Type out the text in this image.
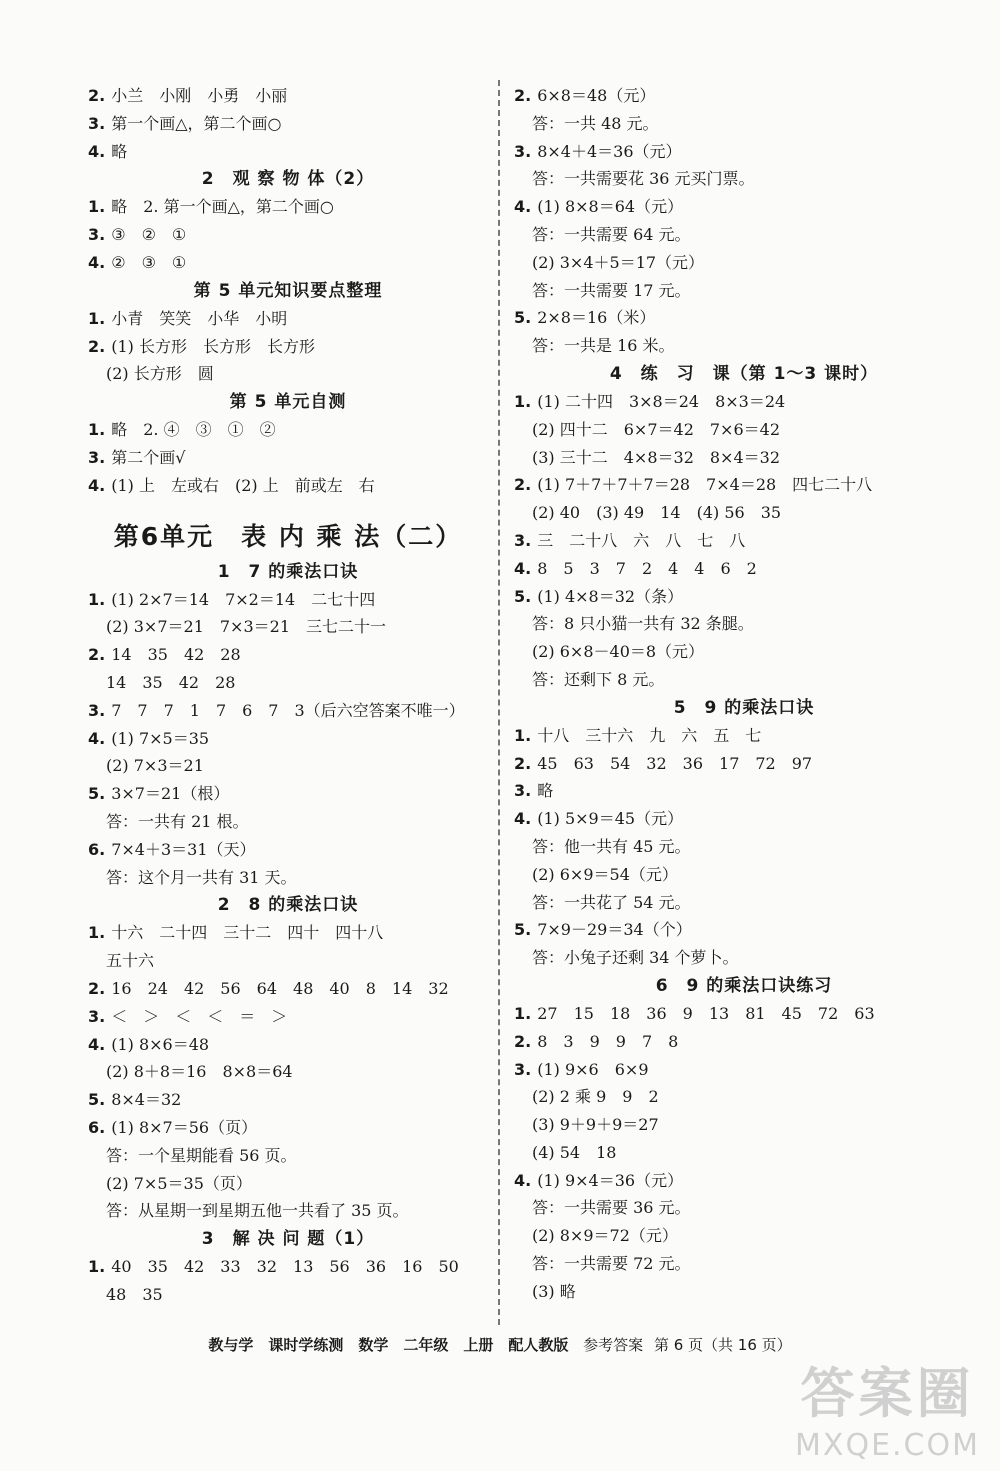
2. 小兰　小刚　小勇　小丽
3. 第一个画△，第二个画○
4. 略
2　观 察 物 体（2）
1. 略　2. 第一个画△，第二个画○
3. ③　②　①
4. ②　③　①
第 5 单元知识要点整理
1. 小青　笑笑　小华　小明
2. (1) 长方形　长方形　长方形
(2) 长方形　圆
第 5 单元自测
1. 略　2. ④　③　①　②
3. 第二个画√
4. (1) 上　左或右　(2) 上　前或左　右
第6单元　表 内 乘 法（二）
1　7 的乘法口诀
1. (1) 2×7＝14　7×2＝14　二七十四
(2) 3×7＝21　7×3＝21　三七二十一
2. 14　35　42　28
14　35　42　28
3. 7　7　7　1　7　6　7　3（后六空答案不唯一）
4. (1) 7×5＝35
(2) 7×3＝21
5. 3×7＝21（根）
答：一共有 21 根。
6. 7×4＋3＝31（天）
答：这个月一共有 31 天。
2　8 的乘法口诀
1. 十六　二十四　三十二　四十　四十八
五十六
2. 16　24　42　56　64　48　40　8　14　32
3. ＜　＞　＜　＜　＝　＞
4. (1) 8×6＝48
(2) 8＋8＝16　8×8＝64
5. 8×4＝32
6. (1) 8×7＝56（页）
答：一个星期能看 56 页。
(2) 7×5＝35（页）
答：从星期一到星期五他一共看了 35 页。
3　解 决 问 题（1）
1. 40　35　42　33　32　13　56　36　16　50
48　35
2. 6×8＝48（元）
答：一共 48 元。
3. 8×4＋4＝36（元）
答：一共需要花 36 元买门票。
4. (1) 8×8＝64（元）
答：一共需要 64 元。
(2) 3×4＋5＝17（元）
答：一共需要 17 元。
5. 2×8＝16（米）
答：一共是 16 米。
4　练　习　课（第 1～3 课时）
1. (1) 二十四　3×8＝24　8×3＝24
(2) 四十二　6×7＝42　7×6＝42
(3) 三十二　4×8＝32　8×4＝32
2. (1) 7＋7＋7＋7＝28　7×4＝28　四七二十八
(2) 40　(3) 49　14　(4) 56　35
3. 三　二十八　六　八　七　八
4. 8　5　3　7　2　4　4　6　2
5. (1) 4×8＝32（条）
答：8 只小猫一共有 32 条腿。
(2) 6×8－40＝8（元）
答：还剩下 8 元。
5　9 的乘法口诀
1. 十八　三十六　九　六　五　七
2. 45　63　54　32　36　17　72　97
3. 略
4. (1) 5×9＝45（元）
答：他一共有 45 元。
(2) 6×9＝54（元）
答：一共花了 54 元。
5. 7×9－29＝34（个）
答：小兔子还剩 34 个萝卜。
6　9 的乘法口诀练习
1. 27　15　18　36　9　13　81　45　72　63
2. 8　3　9　9　7　8
3. (1) 9×6　6×9
(2) 2 乘 9　9　2
(3) 9＋9＋9＝27
(4) 54　18
4. (1) 9×4＝36（元）
答：一共需要 36 元。
(2) 8×9＝72（元）
答：一共需要 72 元。
(3) 略
教与学　课时学练测　数学　二年级　上册　配人教版 参考答案 第 6 页（共 16 页）
答案圈
MXQE.COM
